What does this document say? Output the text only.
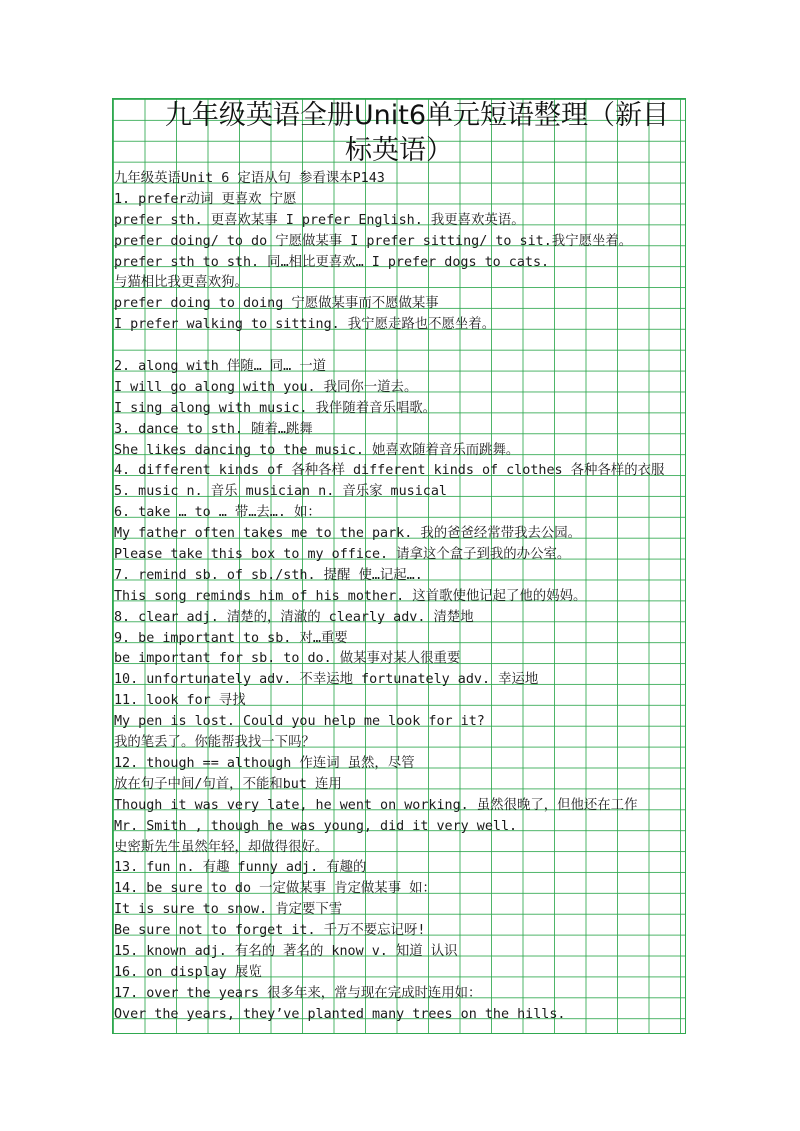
九年级英语全册Unit6单元短语整理（新目
标英语）
九年级英语Unit 6 定语从句 参看课本P143
1. prefer动词 更喜欢 宁愿
prefer sth. 更喜欢某事 I prefer English. 我更喜欢英语。
prefer doing/ to do 宁愿做某事 I prefer sitting/ to sit.我宁愿坐着。
prefer sth to sth. 同…相比更喜欢… I prefer dogs to cats.
与猫相比我更喜欢狗。
prefer doing to doing 宁愿做某事而不愿做某事
I prefer walking to sitting. 我宁愿走路也不愿坐着。
2. along with 伴随… 同… 一道
I will go along with you. 我同你一道去。
I sing along with music. 我伴随着音乐唱歌。
3. dance to sth. 随着…跳舞
She likes dancing to the music. 她喜欢随着音乐而跳舞。
4. different kinds of 各种各样 different kinds of clothes 各种各样的衣服
5. music n. 音乐 musician n. 音乐家 musical
6. take … to … 带…去…. 如：
My father often takes me to the park. 我的爸爸经常带我去公园。
Please take this box to my office. 请拿这个盒子到我的办公室。
7. remind sb. of sb./sth. 提醒 使…记起….
This song reminds him of his mother. 这首歌使他记起了他的妈妈。
8. clear adj. 清楚的，清澈的 clearly adv. 清楚地
9. be important to sb. 对…重要
be important for sb. to do. 做某事对某人很重要
10. unfortunately adv. 不幸运地 fortunately adv. 幸运地
11. look for 寻找
My pen is lost. Could you help me look for it?
我的笔丢了。你能帮我找一下吗？
12. though == although 作连词 虽然，尽管
放在句子中间/句首，不能和but 连用
Though it was very late, he went on working. 虽然很晚了，但他还在工作
Mr. Smith , though he was young, did it very well.
史密斯先生虽然年轻，却做得很好。
13. fun n. 有趣 funny adj. 有趣的
14. be sure to do 一定做某事 肯定做某事 如：
It is sure to snow. 肯定要下雪
Be sure not to forget it. 千万不要忘记呀!
15. known adj. 有名的 著名的 know v. 知道 认识
16. on display 展览
17. over the years 很多年来，常与现在完成时连用如：
Over the years, they’ve planted many trees on the hills.
